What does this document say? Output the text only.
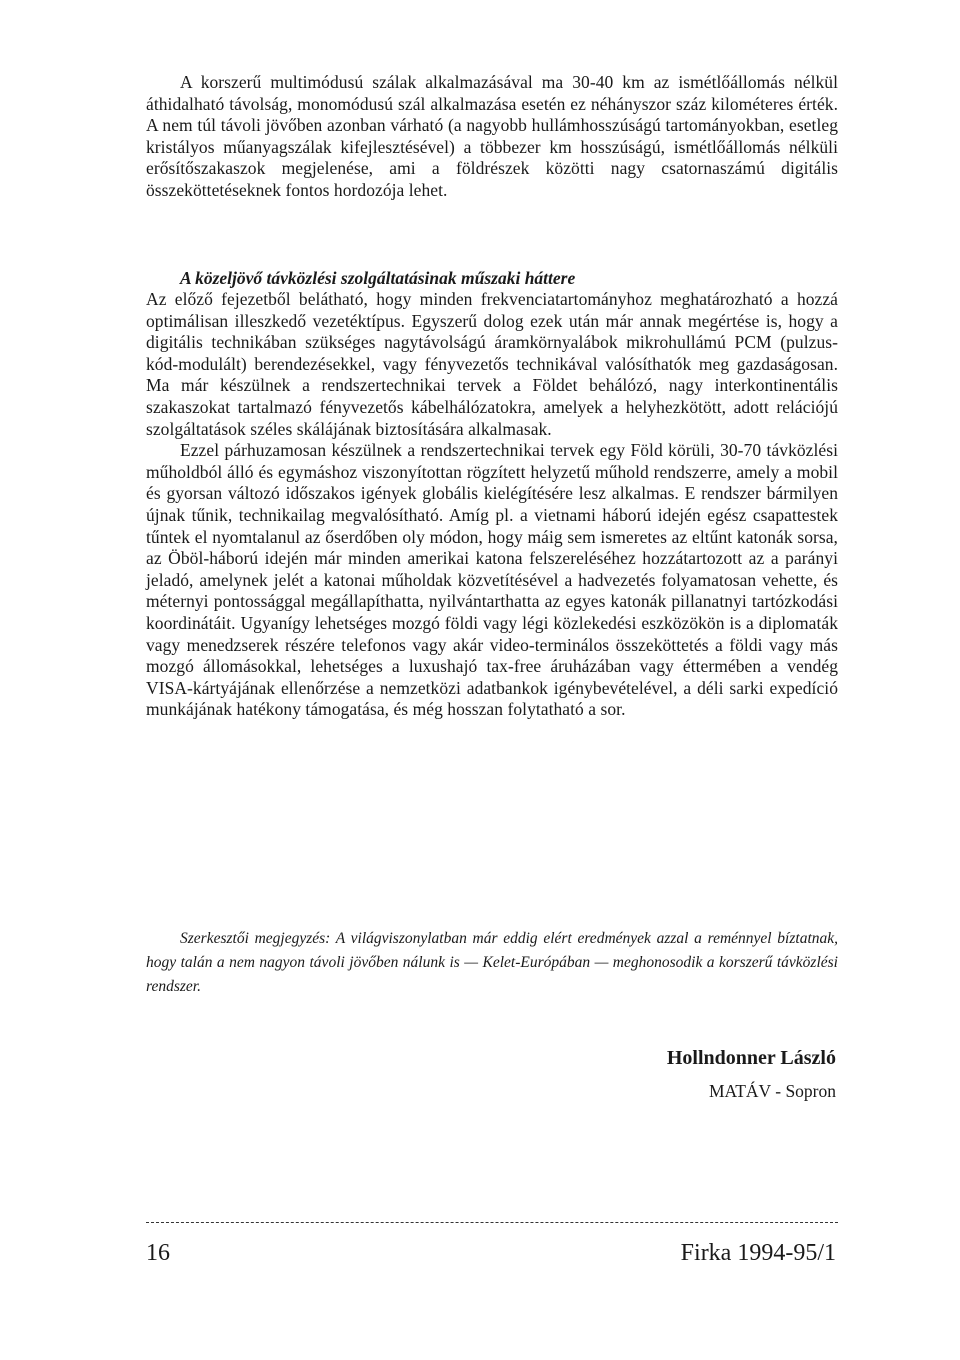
A korszerű multimódusú szálak alkalmazásával ma 30-40 km az ismétlőállomás nélkül áthidalható távolság, monomódusú szál alkalmazása esetén ez néhányszor száz kilométeres érték. A nem túl távoli jövőben azonban várható (a nagyobb hullámhosszúságú tartományokban, esetleg kristályos műanyagszálak kifejlesztésével) a többezer km hosszúságú, ismétlőállomás nélküli erősítőszakaszok megjelenése, ami a földrészek közötti nagy csatornaszámú digitális összeköttetéseknek fontos hordozója lehet.

A közeljövő távközlési szolgáltatásinak műszaki háttere

Az előző fejezetből belátható, hogy minden frekvenciatartományhoz meghatározható a hozzá optimálisan illeszkedő vezetéktípus. Egyszerű dolog ezek után már annak megértése is, hogy a digitális technikában szükséges nagytávolságú áramkörnyalábok mikrohullámú PCM (pulzus-kód-modulált) berendezésekkel, vagy fényvezetős technikával valósíthatók meg gazdaságosan. Ma már készülnek a rendszertechnikai tervek a Földet behálózó, nagy interkontinentális szakaszokat tartalmazó fényvezetős kábelhálózatokra, amelyek a helyhezkötött, adott relációjú szolgáltatások széles skálájának biztosítására alkalmasak.

Ezzel párhuzamosan készülnek a rendszertechnikai tervek egy Föld körüli, 30-70 távközlési műholdból álló és egymáshoz viszonyítottan rögzített helyzetű műhold rendszerre, amely a mobil és gyorsan változó időszakos igények globális kielégítésére lesz alkalmas. E rendszer bármilyen újnak tűnik, technikailag megvalósítható. Amíg pl. a vietnami háború idején egész csapattestek tűntek el nyomtalanul az őserdőben oly módon, hogy máig sem ismeretes az eltűnt katonák sorsa, az Öböl-háború idején már minden amerikai katona felszereléséhez hozzátartozott az a parányi jeladó, amelynek jelét a katonai műholdak közvetítésével a hadvezetés folyamatosan vehette, és méternyi pontossággal megállapíthatta, nyilvántarthatta az egyes katonák pillanatnyi tartózkodási koordinátáit. Ugyanígy lehetséges mozgó földi vagy légi közlekedési eszközökön is a diplomaták vagy menedzserek részére telefonos vagy akár video-terminálos összeköttetés a földi vagy más mozgó állomásokkal, lehetséges a luxushajó tax-free áruházában vagy éttermében a vendég VISA-kártyájának ellenőrzése a nemzetközi adatbankok igénybevételével, a déli sarki expedíció munkájának hatékony támogatása, és még hosszan folytatható a sor.

Szerkesztői megjegyzés: A világviszonylatban már eddig elért eredmények azzal a reménnyel bíztatnak, hogy talán a nem nagyon távoli jövőben nálunk is — Kelet-Európában — meghonosodik a korszerű távközlési rendszer.

Hollndonner László
MATÁV - Sopron
16	Firka 1994-95/1
